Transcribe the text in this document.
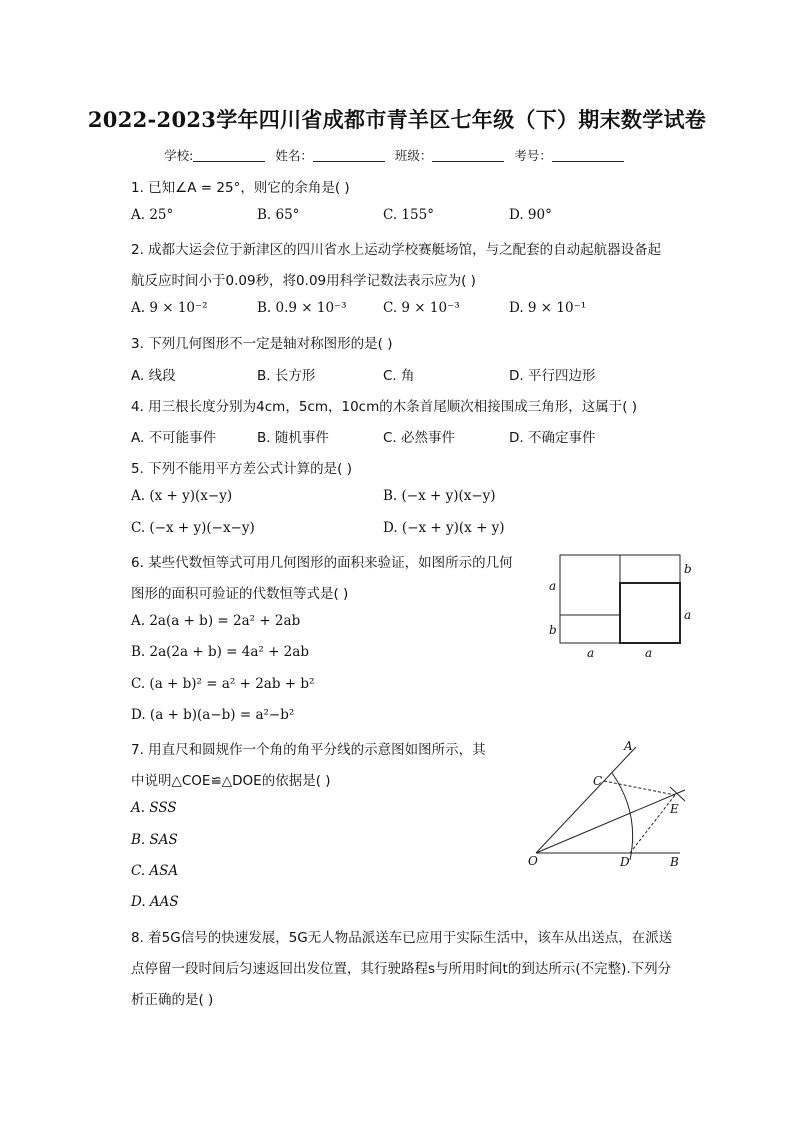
2022-2023学年四川省成都市青羊区七年级（下）期末数学试卷
学校:	姓名：	班级：	考号：
1. 已知∠A = 25°，则它的余角是( )
A. 25°	B. 65°	C. 155°	D. 90°
2. 成都大运会位于新津区的四川省水上运动学校赛艇场馆，与之配套的自动起航器设备起
航反应时间小于0.09秒，将0.09用科学记数法表示应为( )
A. 9 × 10⁻²	B. 0.9 × 10⁻³	C. 9 × 10⁻³	D. 9 × 10⁻¹
3. 下列几何图形不一定是轴对称图形的是( )
A. 线段	B. 长方形	C. 角	D. 平行四边形
4. 用三根长度分别为4cm，5cm，10cm的木条首尾顺次相接围成三角形，这属于( )
A. 不可能事件	B. 随机事件	C. 必然事件	D. 不确定事件
5. 下列不能用平方差公式计算的是( )
A. (x + y)(x−y)	B. (−x + y)(x−y)
C. (−x + y)(−x−y)	D. (−x + y)(x + y)
6. 某些代数恒等式可用几何图形的面积来验证，如图所示的几何
图形的面积可验证的代数恒等式是( )
A. 2a(a + b) = 2a² + 2ab
B. 2a(2a + b) = 4a² + 2ab
C. (a + b)² = a² + 2ab + b²
D. (a + b)(a−b) = a²−b²
a
b
b
a
a	a
7. 用直尺和圆规作一个角的角平分线的示意图如图所示，其
中说明△COE≌△DOE的依据是( )
A. SSS
B. SAS
C. ASA
D. AAS
A
C
E
O	D	B
8. 着5G信号的快速发展，5G无人物品派送车已应用于实际生活中，该车从出送点，在派送
点停留一段时间后匀速返回出发位置，其行驶路程s与所用时间t的到达所示(不完整).下列分
析正确的是( )
